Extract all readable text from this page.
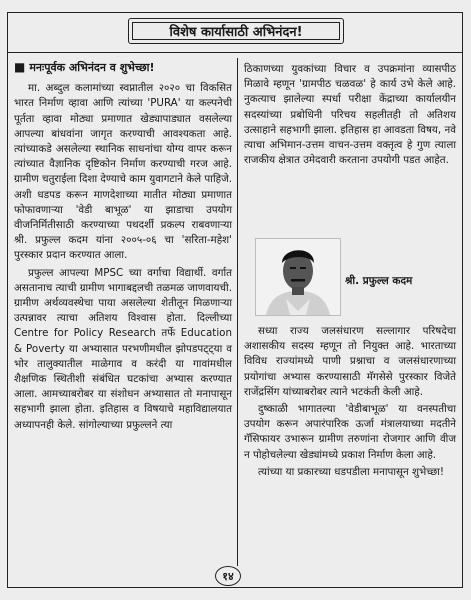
विशेष कार्यासाठी अभिनंदन!
■ मनःपूर्वक अभिनंदन व शुभेच्छा!

मा. अब्दुल कलामांच्या स्वप्नातील २०२० चा विकसित भारत निर्माण व्हावा आणि त्यांच्या 'PURA' या कल्पनेची पूर्तता व्हावा मोठ्या प्रमाणात खेड्यापाड्यात वसलेल्या आपल्या बांधवांना जागृत करण्याची आवश्यकता आहे. त्यांच्याकडे असलेल्या स्थानिक साधनांचा योग्य वापर करून त्यांच्यात वैज्ञानिक दृष्टिकोन निर्माण करण्याची गरज आहे. ग्रामीण चतुराईला दिशा देण्याचे काम युवागटाने केले पाहिजे. अशी धडपड करून माणदेशाच्या मातीत मोठ्या प्रमाणात फोफावणाऱ्या 'वेडी बाभूळ' या झाडाचा उपयोग वीजनिर्मितीसाठी करण्याच्या पथदर्शी प्रकल्प राबवणाऱ्या श्री. प्रफुल्ल कदम यांना २००५-०६ चा 'सरिता-महेश' पुरस्कार प्रदान करण्यात आला.

प्रफुल्ल आपल्या MPSC च्या वर्गाचा विद्यार्थी. वर्गात असतानाच त्याची ग्रामीण भागाबद्दलची तळमळ जाणवायची. ग्रामीण अर्थव्यवस्थेचा पाया असलेल्या शेतीतून मिळणाऱ्या उत्पन्नावर त्याचा अतिशय विश्वास होता. दिल्लीच्या Centre for Policy Research तर्फे Education & Poverty या अभ्यासात परभणीमधील झोपडपट्ट्या व भोर तालुक्यातील माळेगाव व करंदी या गावांमधील शैक्षणिक स्थितीशी संबंधित घटकांचा अभ्यास करण्यात आला. आमच्याबरोबर या संशोधन अभ्यासात तो मनापासून सहभागी झाला होता. इतिहास व विषयाचे महाविद्यालयात अध्यापनही केले. सांगोल्याच्या प्रफुल्लने त्या

ठिकाणच्या युवकांच्या विचार व उपक्रमांना व्यासपीठ मिळावे म्हणून 'ग्रामपीठ चळवळ' हे कार्य उभे केले आहे. नुकत्याच झालेल्या स्पर्धा परीक्षा केंद्राच्या कार्यालयीन सदस्यांच्या प्रबोधिनी परिचय सहलीतही तो अतिशय उत्साहाने सहभागी झाला. इतिहास हा आवडता विषय, नवे त्याचा अभिमान-उत्तम वाचन-उत्तम वक्तृत्व हे गुण त्याला राजकीय क्षेत्रात उमेदवारी करताना उपयोगी पडत आहेत.

श्री. प्रफुल्ल कदम

सध्या राज्य जलसंधारण सल्लागार परिषदेचा अशासकीय सदस्य म्हणून तो नियुक्त आहे. भारताच्या विविध राज्यांमध्ये पाणी प्रश्नाचा व जलसंधारणाच्या प्रयोगांचा अभ्यास करण्यासाठी मॅगसेसे पुरस्कार विजेते राजेंद्रसिंग यांच्याबरोबर त्याने भटकंती केली आहे.

दुष्काळी भागातल्या 'वेडीबाभूळ' या वनस्पतीचा उपयोग करून अपारंपारिक ऊर्जा मंत्रालयाच्या मदतीने गॅसिफायर उभारून ग्रामीण तरुणांना रोजगार आणि वीज न पोहोचलेल्या खेड्यांमध्ये प्रकाश निर्माण केला आहे.

त्यांच्या या प्रकारच्या धडपडीला मनापासून शुभेच्छा!

१४
